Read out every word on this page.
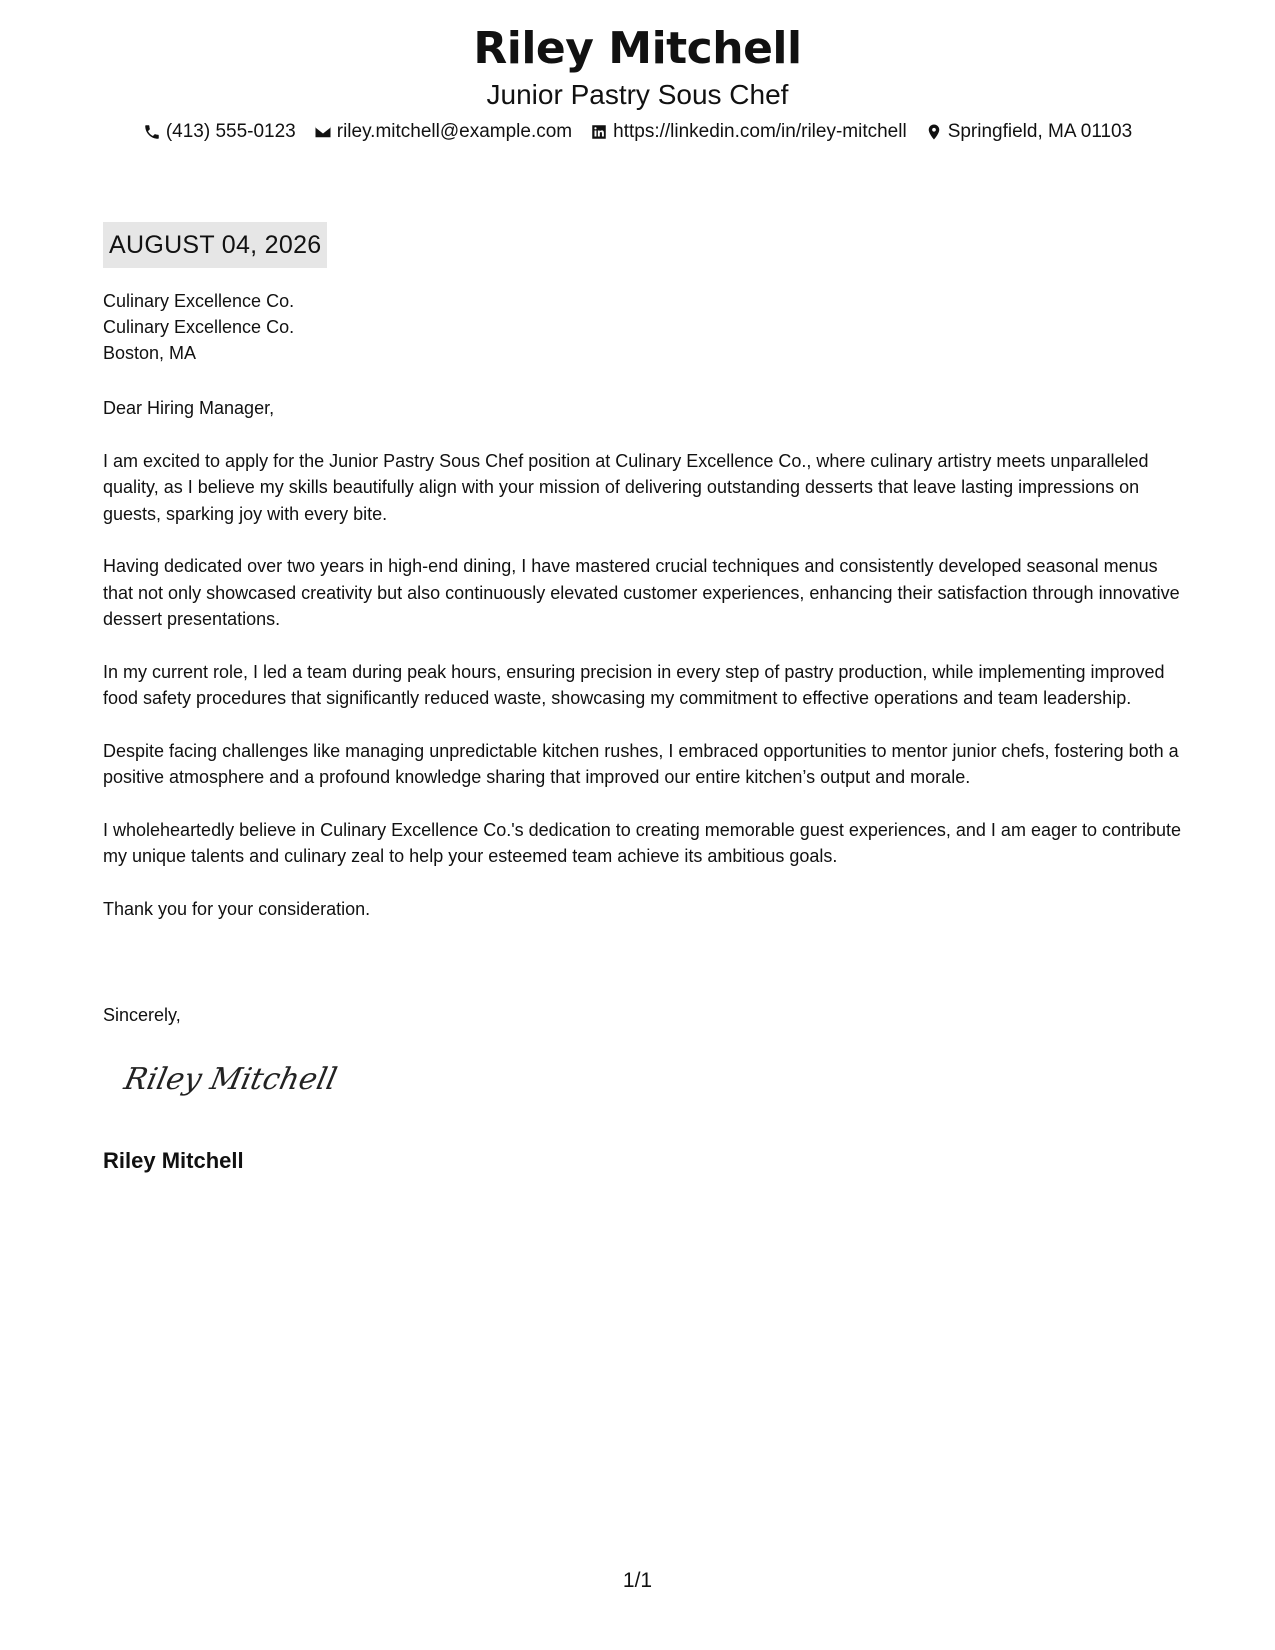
Riley Mitchell
Junior Pastry Sous Chef
(413) 555-0123 riley.mitchell@example.com https://linkedin.com/in/riley-mitchell Springfield, MA 01103
AUGUST 04, 2026
Culinary Excellence Co.
Culinary Excellence Co.
Boston, MA

Dear Hiring Manager,

I am excited to apply for the Junior Pastry Sous Chef position at Culinary Excellence Co., where culinary artistry meets unparalleled quality, as I believe my skills beautifully align with your mission of delivering outstanding desserts that leave lasting impressions on guests, sparking joy with every bite.

Having dedicated over two years in high-end dining, I have mastered crucial techniques and consistently developed seasonal menus that not only showcased creativity but also continuously elevated customer experiences, enhancing their satisfaction through innovative dessert presentations.

In my current role, I led a team during peak hours, ensuring precision in every step of pastry production, while implementing improved food safety procedures that significantly reduced waste, showcasing my commitment to effective operations and team leadership.

Despite facing challenges like managing unpredictable kitchen rushes, I embraced opportunities to mentor junior chefs, fostering both a positive atmosphere and a profound knowledge sharing that improved our entire kitchen’s output and morale.

I wholeheartedly believe in Culinary Excellence Co.'s dedication to creating memorable guest experiences, and I am eager to contribute my unique talents and culinary zeal to help your esteemed team achieve its ambitious goals.

Thank you for your consideration.

Sincerely,
Riley Mitchell
Riley Mitchell
1/1
